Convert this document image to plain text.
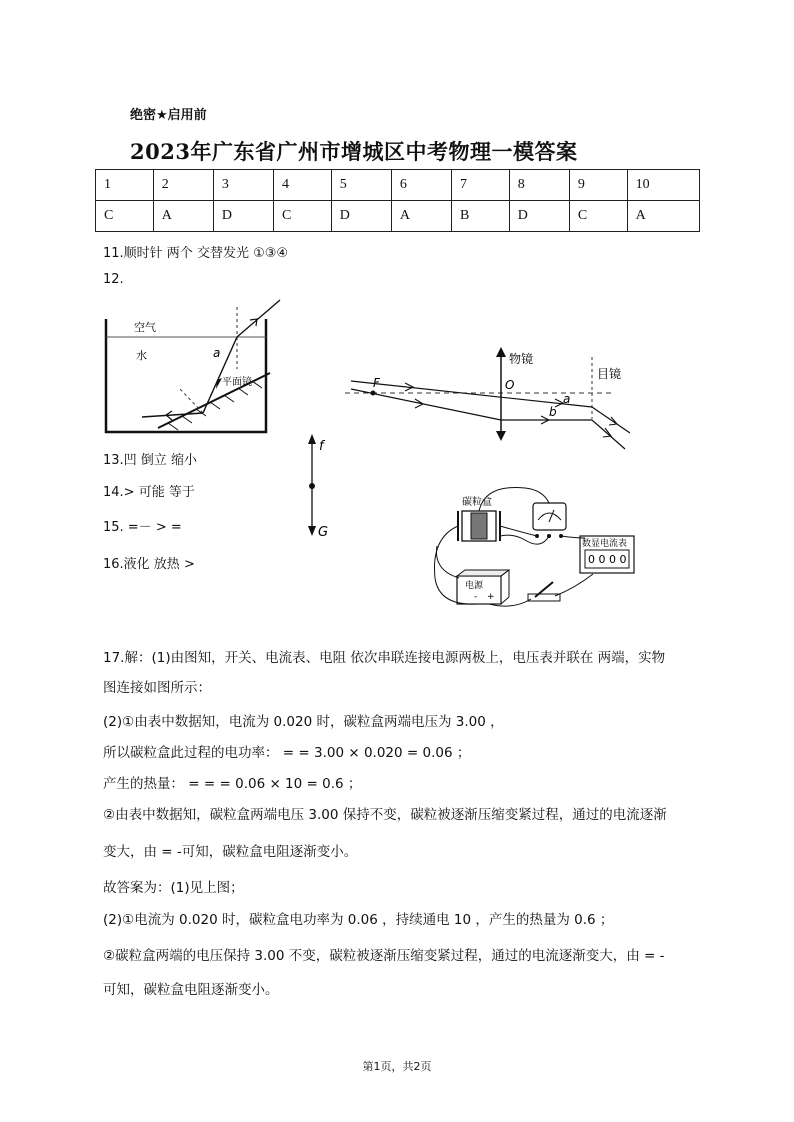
绝密★启用前
2023年广东省广州市增城区中考物理一模答案
1	2	3	4	5	6	7	8	9	10
C	A	D	C	D	A	B	D	C	A
11.顺时针 两个 交替发光 ①③④
12.
空气
水
平面镜
a
f
G
物镜
目镜
F	O
a
b
13.凹 倒立 缩小
14.> 可能 等于
15. =－ > =
16.液化 放热 >
碳粒盒
数显电流表
0 0 0 0
电源
- +
17.解：(1)由图知，开关、电流表、电阻 依次串联连接电源两极上，电压表并联在 两端，实物
图连接如图所示：
(2)①由表中数据知，电流为 0.020 时，碳粒盒两端电压为 3.00 ，
所以碳粒盒此过程的电功率： = = 3.00 × 0.020 = 0.06 ；
产生的热量： = = = 0.06 × 10 = 0.6 ；
②由表中数据知，碳粒盒两端电压 3.00 保持不变，碳粒被逐渐压缩变紧过程，通过的电流逐渐
变大，由 = -可知，碳粒盒电阻逐渐变小。
故答案为：(1)见上图；
(2)①电流为 0.020 时，碳粒盒电功率为 0.06 ，持续通电 10 ，产生的热量为 0.6 ；
②碳粒盒两端的电压保持 3.00 不变，碳粒被逐渐压缩变紧过程，通过的电流逐渐变大，由 = -
可知，碳粒盒电阻逐渐变小。
第1页，共2页
